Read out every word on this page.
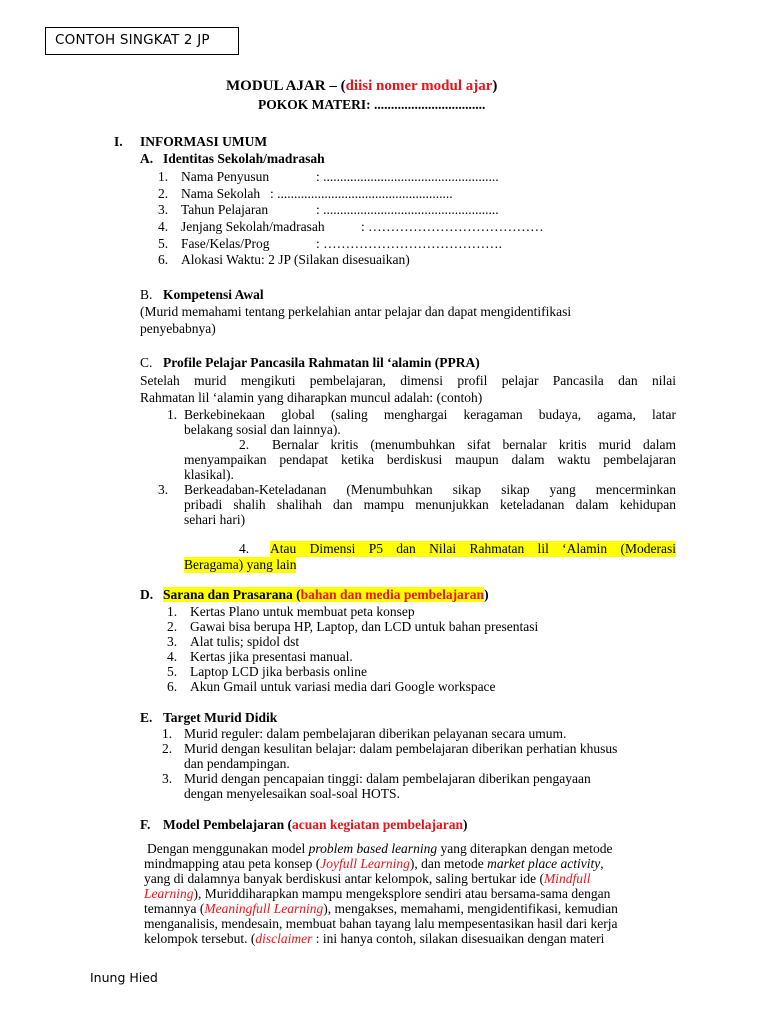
CONTOH SINGKAT 2 JP
MODUL AJAR – (diisi nomer modul ajar)
POKOK MATERI: .................................
I. INFORMASI UMUM
A. Identitas Sekolah/madrasah
1. Nama Penyusun	: ....................................................
2. Nama Sekolah : ....................................................
3. Tahun Pelajaran	: ....................................................
4. Jenjang Sekolah/madrasah	: …………………………………
5. Fase/Kelas/Prog	: ………………………………….
6. Alokasi Waktu : 2 JP (Silakan disesuaikan)
B. Kompetensi Awal
(Murid memahami tentang perkelahian antar pelajar dan dapat mengidentifikasi
penyebabnya)
C. Profile Pelajar Pancasila Rahmatan lil ‘alamin (PPRA)
Setelah murid mengikuti pembelajaran, dimensi profil pelajar Pancasila dan nilai
Rahmatan lil ‘alamin yang diharapkan muncul adalah: (contoh)
1. Berkebinekaan global (saling menghargai keragaman budaya, agama, latar
belakang sosial dan lainnya).
2. Bernalar kritis (menumbuhkan sifat bernalar kritis murid dalam
menyampaikan pendapat ketika berdiskusi maupun dalam waktu pembelajaran
klasikal).
3. Berkeadaban-Keteladanan (Menumbuhkan sikap sikap yang mencerminkan
pribadi shalih shalihah dan mampu menunjukkan keteladanan dalam kehidupan
sehari hari)
4. Atau Dimensi P5 dan Nilai Rahmatan lil ‘Alamin (Moderasi
Beragama) yang lain
D. Sarana dan Prasarana (bahan dan media pembelajaran)
1. Kertas Plano untuk membuat peta konsep
2. Gawai bisa berupa HP, Laptop, dan LCD untuk bahan presentasi
3. Alat tulis; spidol dst
4. Kertas jika presentasi manual.
5. Laptop LCD jika berbasis online
6. Akun Gmail untuk variasi media dari Google workspace
E. Target Murid Didik
1. Murid reguler: dalam pembelajaran diberikan pelayanan secara umum.
2. Murid dengan kesulitan belajar: dalam pembelajaran diberikan perhatian khusus
dan pendampingan.
3. Murid dengan pencapaian tinggi: dalam pembelajaran diberikan pengayaan
dengan menyelesaikan soal-soal HOTS.
F. Model Pembelajaran (acuan kegiatan pembelajaran)
Dengan menggunakan model problem based learning yang diterapkan dengan metode
mindmapping atau peta konsep (Joyfull Learning), dan metode market place activity,
yang di dalamnya banyak berdiskusi antar kelompok, saling bertukar ide (Mindfull
Learning), Muriddiharapkan mampu mengeksplore sendiri atau bersama-sama dengan
temannya (Meaningfull Learning), mengakses, memahami, mengidentifikasi, kemudian
menganalisis, mendesain, membuat bahan tayang lalu mempesentasikan hasil dari kerja
kelompok tersebut. (disclaimer : ini hanya contoh, silakan disesuaikan dengan materi
Inung Hied
